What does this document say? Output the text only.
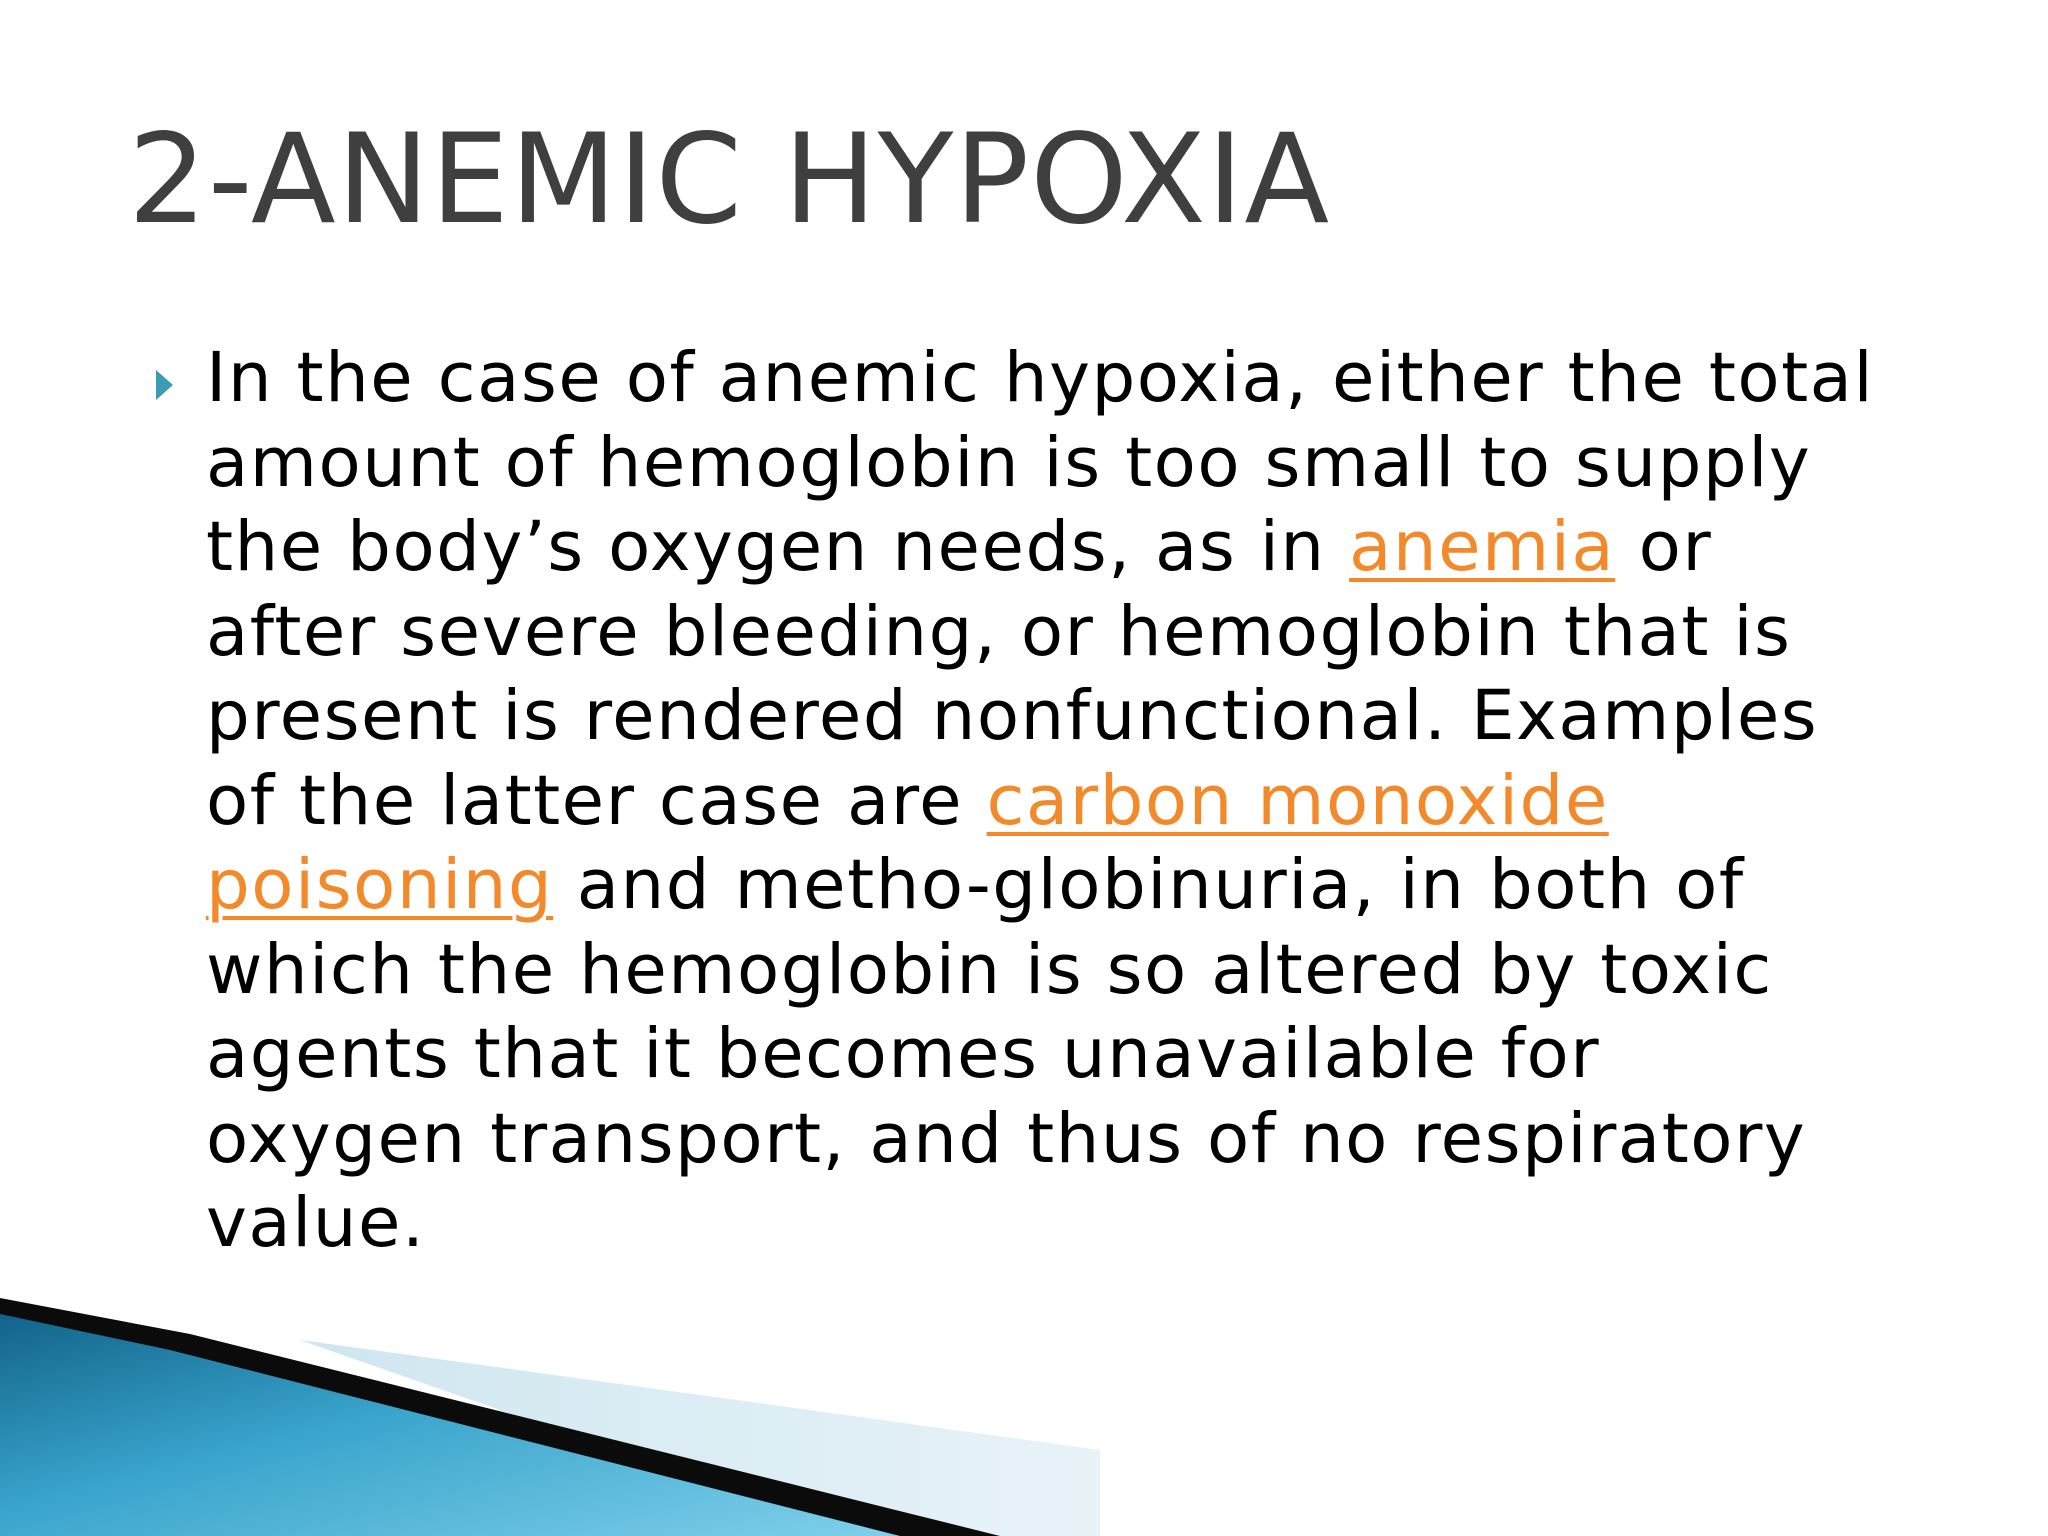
2-ANEMIC HYPOXIA
In the case of anemic hypoxia, either the total
amount of hemoglobin is too small to supply
the body’s oxygen needs, as in anemia or
after severe bleeding, or hemoglobin that is
present is rendered nonfunctional. Examples
of the latter case are carbon monoxide
poisoning and metho-globinuria, in both of
which the hemoglobin is so altered by toxic
agents that it becomes unavailable for
oxygen transport, and thus of no respiratory
value.
